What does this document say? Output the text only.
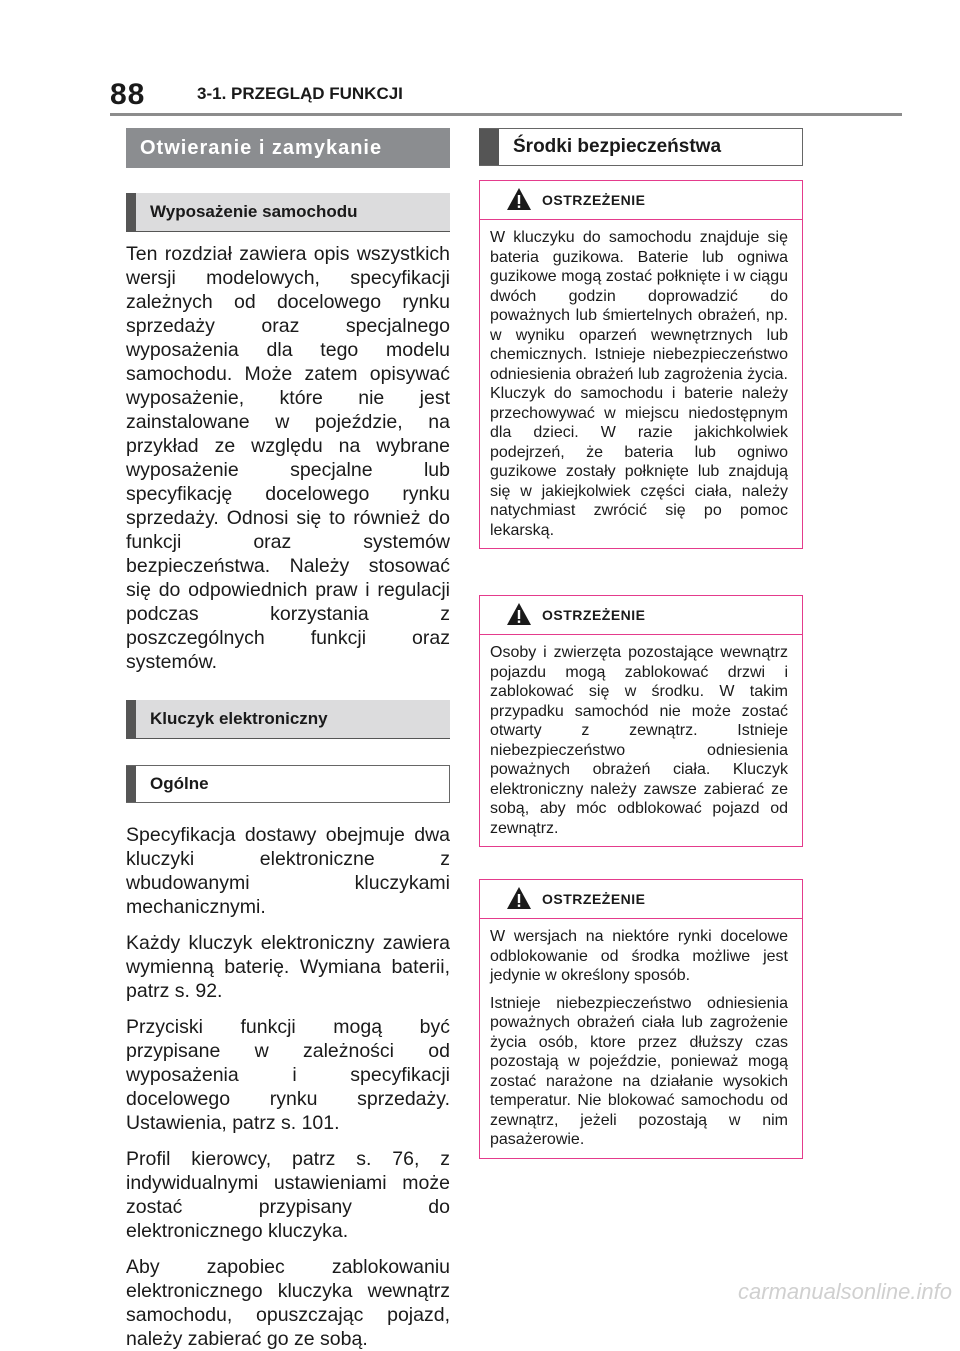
88	3-1. PRZEGLĄD FUNKCJI
Otwieranie i zamykanie
Wyposażenie samochodu

Ten rozdział zawiera opis wszystkich wersji modelowych, specyfikacji zależnych od docelowego rynku sprzedaży oraz specjalnego wyposażenia dla tego modelu samochodu. Może zatem opisywać wyposażenie, które nie jest zainstalowane w pojeździe, na przykład ze względu na wybrane wyposażenie specjalne lub specyfikację docelowego rynku sprzedaży. Odnosi się to również do funkcji oraz systemów bezpieczeństwa. Należy stosować się do odpowiednich praw i regulacji podczas korzystania z poszczególnych funkcji oraz systemów.

Kluczyk elektroniczny
Ogólne

Specyfikacja dostawy obejmuje dwa kluczyki elektroniczne z wbudowanymi kluczykami mechanicznymi.

Każdy kluczyk elektroniczny zawiera wymienną baterię. Wymiana baterii, patrz s. 92.

Przyciski funkcji mogą być przypisane w zależności od wyposażenia i specyfikacji docelowego rynku sprzedaży. Ustawienia, patrz s. 101.

Profil kierowcy, patrz s. 76, z indywidualnymi ustawieniami może zostać przypisany do elektronicznego kluczyka.

Aby zapobiec zablokowaniu elektronicznego kluczyka wewnątrz samochodu, opuszczając pojazd, należy zabierać go ze sobą.

Środki bezpieczeństwa
OSTRZEŻENIE

W kluczyku do samochodu znajduje się bateria guzikowa. Baterie lub ogniwa guzikowe mogą zostać połknięte i w ciągu dwóch godzin doprowadzić do poważnych lub śmiertelnych obrażeń, np. w wyniku oparzeń wewnętrznych lub chemicznych. Istnieje niebezpieczeństwo odniesienia obrażeń lub zagrożenia życia. Kluczyk do samochodu i baterie należy przechowywać w miejscu niedostępnym dla dzieci. W razie jakichkolwiek podejrzeń, że bateria lub ogniwo guzikowe zostały połknięte lub znajdują się w jakiejkolwiek części ciała, należy natychmiast zwrócić się po pomoc lekarską.

OSTRZEŻENIE

Osoby i zwierzęta pozostające wewnątrz pojazdu mogą zablokować drzwi i zablokować się w środku. W takim przypadku samochód nie może zostać otwarty z zewnątrz. Istnieje niebezpieczeństwo odniesienia poważnych obrażeń ciała. Kluczyk elektroniczny należy zawsze zabierać ze sobą, aby móc odblokować pojazd od zewnątrz.

OSTRZEŻENIE

W wersjach na niektóre rynki docelowe odblokowanie od środka możliwe jest jedynie w określony sposób.

Istnieje niebezpieczeństwo odniesienia poważnych obrażeń ciała lub zagrożenie życia osób, ktore przez dłuższy czas pozostają w pojeździe, ponieważ mogą zostać narażone na działanie wysokich temperatur. Nie blokować samochodu od zewnątrz, jeżeli pozostają w nim pasażerowie.

carmanualsonline.info
